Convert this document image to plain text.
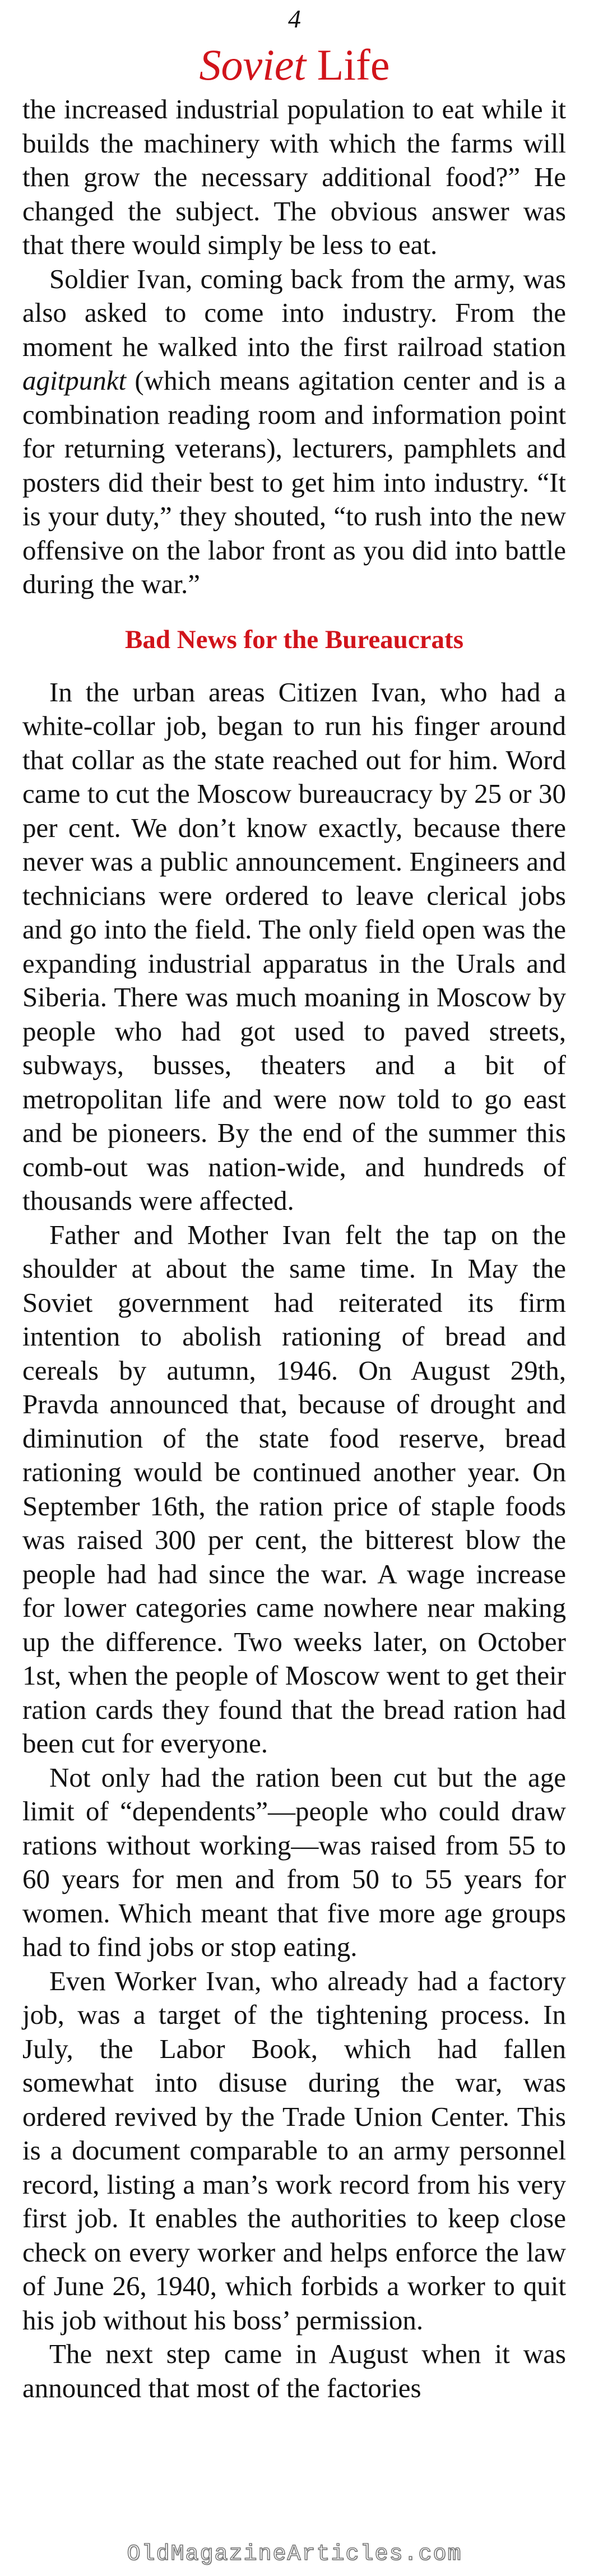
4
Soviet Life

the increased industrial population to eat while it builds the machinery with which the farms will then grow the necessary additional food?” He changed the subject. The obvious answer was that there would simply be less to eat.

Soldier Ivan, coming back from the army, was also asked to come into industry. From the moment he walked into the first railroad station agitpunkt (which means agitation center and is a combination reading room and information point for returning veterans), lecturers, pamphlets and posters did their best to get him into industry. “It is your duty,” they shouted, “to rush into the new offensive on the labor front as you did into battle during the war.”

Bad News for the Bureaucrats

In the urban areas Citizen Ivan, who had a white-collar job, began to run his finger around that collar as the state reached out for him. Word came to cut the Moscow bureaucracy by 25 or 30 per cent. We don’t know exactly, because there never was a public announcement. Engineers and technicians were ordered to leave clerical jobs and go into the field. The only field open was the expanding industrial apparatus in the Urals and Siberia. There was much moaning in Moscow by people who had got used to paved streets, subways, busses, theaters and a bit of metropolitan life and were now told to go east and be pioneers. By the end of the summer this comb-out was nation-wide, and hundreds of thousands were affected.

Father and Mother Ivan felt the tap on the shoulder at about the same time. In May the Soviet government had reiterated its firm intention to abolish rationing of bread and cereals by autumn, 1946. On August 29th, Pravda announced that, because of drought and diminution of the state food reserve, bread rationing would be continued another year. On September 16th, the ration price of staple foods was raised 300 per cent, the bitterest blow the people had had since the war. A wage increase for lower categories came nowhere near making up the difference. Two weeks later, on October 1st, when the people of Moscow went to get their ration cards they found that the bread ration had been cut for everyone.

Not only had the ration been cut but the age limit of “dependents”—people who could draw rations without working—was raised from 55 to 60 years for men and from 50 to 55 years for women. Which meant that five more age groups had to find jobs or stop eating.

Even Worker Ivan, who already had a factory job, was a target of the tightening process. In July, the Labor Book, which had fallen somewhat into disuse during the war, was ordered revived by the Trade Union Center. This is a document comparable to an army personnel record, listing a man’s work record from his very first job. It enables the authorities to keep close check on every worker and helps enforce the law of June 26, 1940, which forbids a worker to quit his job without his boss’ permission.

The next step came in August when it was announced that most of the factories

OldMagazineArticles.com
